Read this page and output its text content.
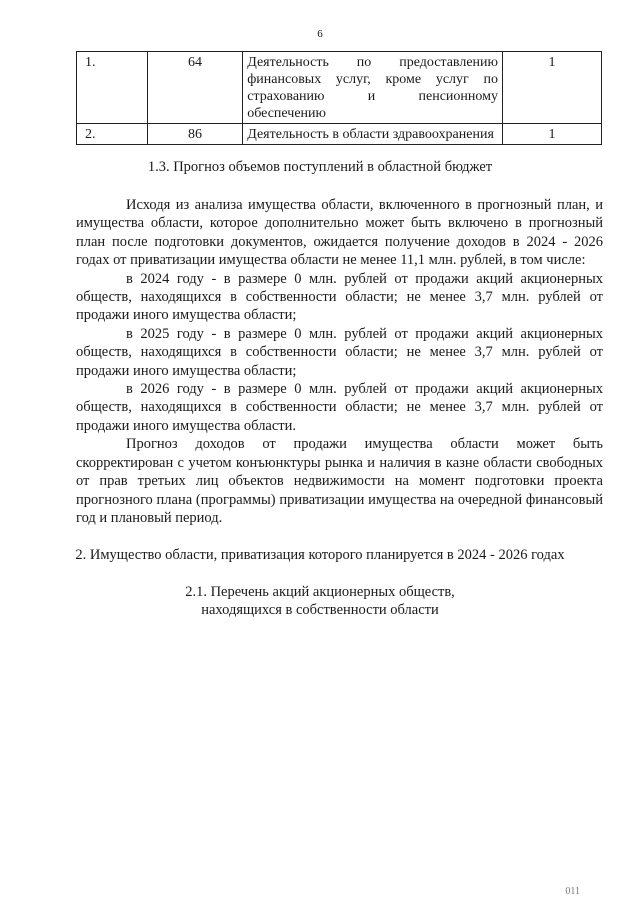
6
1.	64	Деятельность по предоставлению финансовых услуг, кроме услуг по страхованию и пенсионному обеспечению	1
2.	86	Деятельность в области здравоохранения	1
1.3. Прогноз объемов поступлений в областной бюджет

Исходя из анализа имущества области, включенного в прогнозный план, и имущества области, которое дополнительно может быть включено в прогнозный план после подготовки документов, ожидается получение доходов в 2024 - 2026 годах от приватизации имущества области не менее 11,1 млн. рублей, в том числе:

в 2024 году - в размере 0 млн. рублей от продажи акций акционерных обществ, находящихся в собственности области; не менее 3,7 млн. рублей от продажи иного имущества области;

в 2025 году - в размере 0 млн. рублей от продажи акций акционерных обществ, находящихся в собственности области; не менее 3,7 млн. рублей от продажи иного имущества области;

в 2026 году - в размере 0 млн. рублей от продажи акций акционерных обществ, находящихся в собственности области; не менее 3,7 млн. рублей от продажи иного имущества области.

Прогноз доходов от продажи имущества области может быть скорректирован с учетом конъюнктуры рынка и наличия в казне области свободных от прав третьих лиц объектов недвижимости на момент подготовки проекта прогнозного плана (программы) приватизации имущества на очередной финансовый год и плановый период.

2. Имущество области, приватизация которого планируется в 2024 - 2026 годах
2.1. Перечень акций акционерных обществ,
находящихся в собственности области
011
